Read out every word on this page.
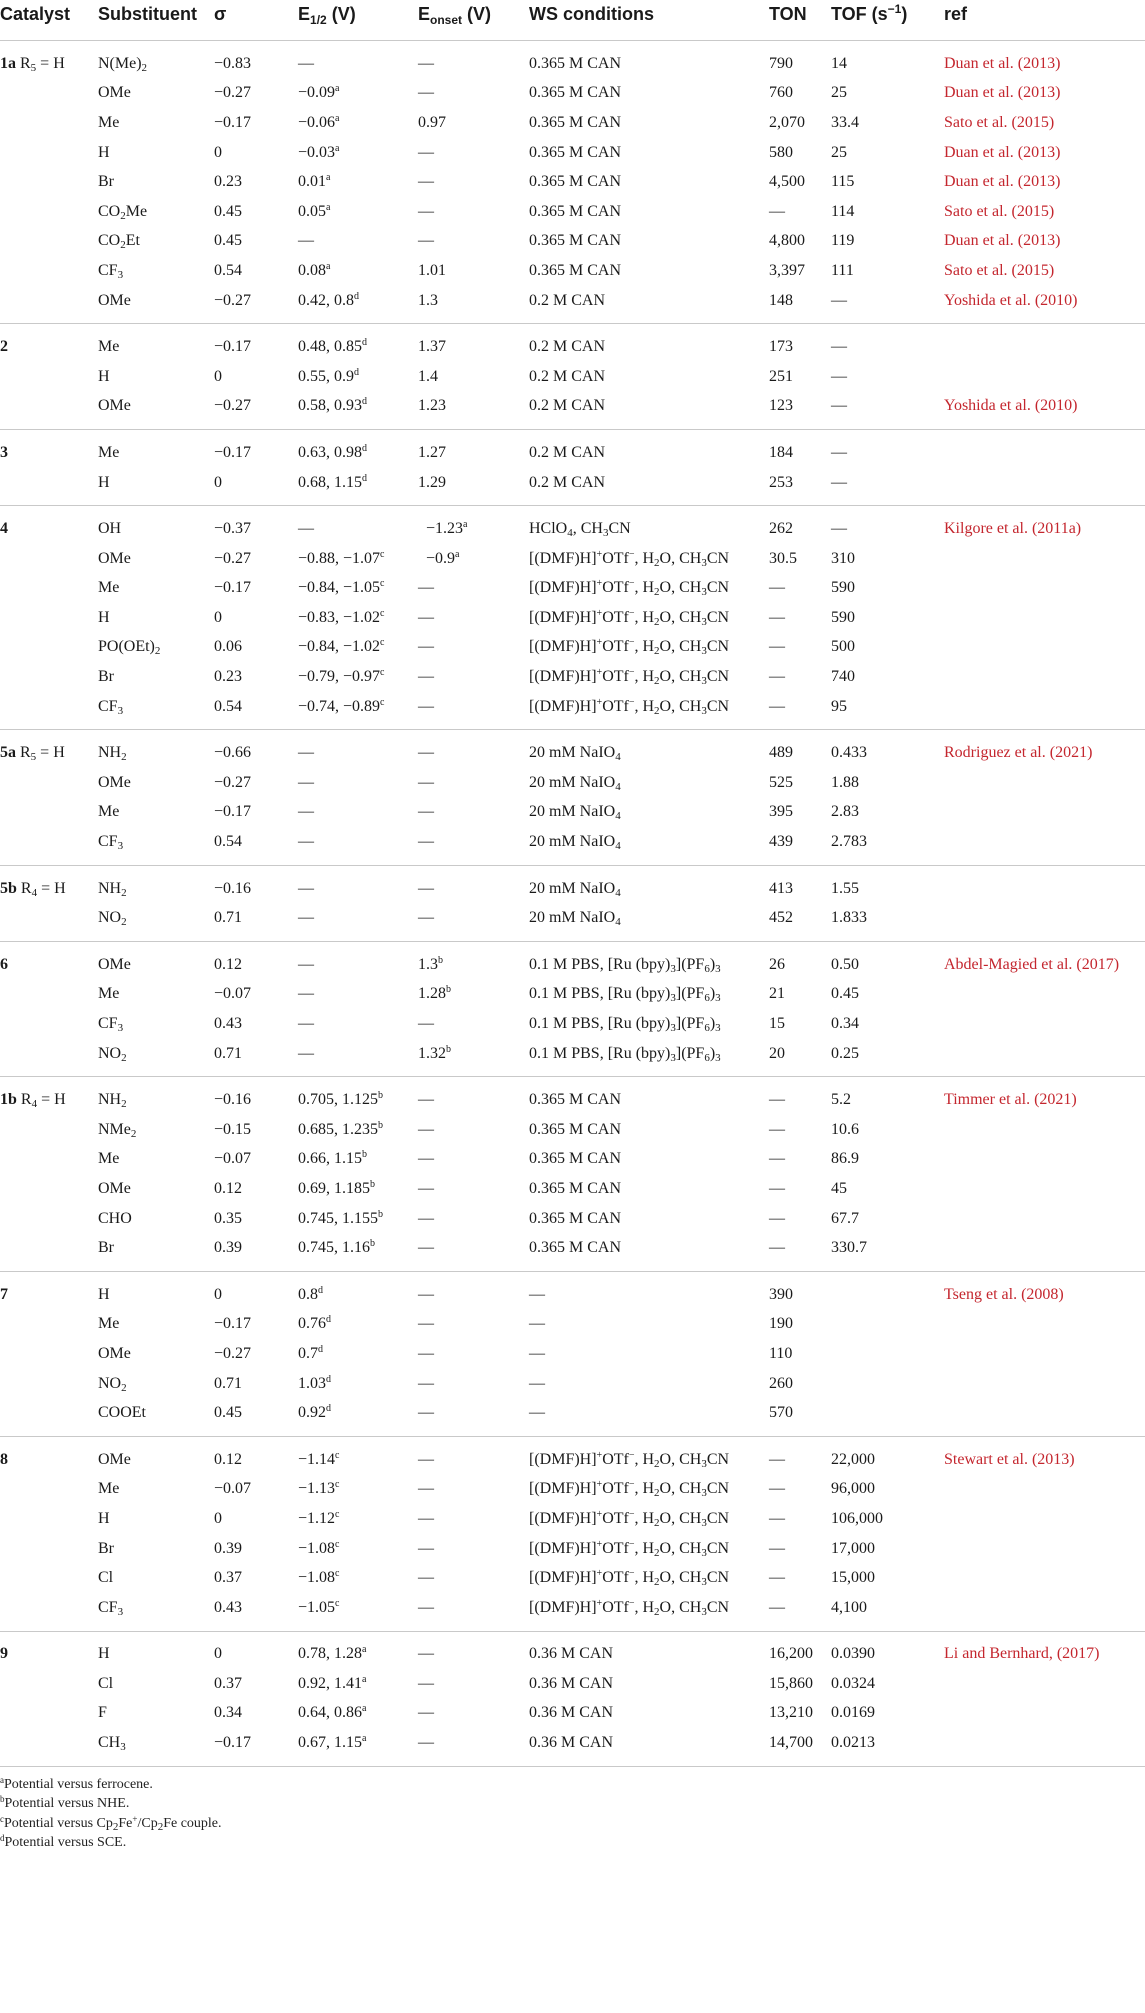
Catalyst	Substituent	σ	$E_{1/2}$ (V)	$E_{onset}$ (V)	WS conditions	TON	TOF $(s^{-1})$	ref
1a $R_5 = H$	$N(Me)_2$	−0.83	—	—	0.365 M CAN	790	14	Duan et al. (2013)
	OMe	−0.27	−0.09$^a$	—	0.365 M CAN	760	25	Duan et al. (2013)
	Me	−0.17	−0.06$^a$	0.97	0.365 M CAN	2,070	33.4	Sato et al. (2015)
	H	0	−0.03$^a$	—	0.365 M CAN	580	25	Duan et al. (2013)
	Br	0.23	0.01$^a$	—	0.365 M CAN	4,500	115	Duan et al. (2013)
	$CO_2Me$	0.45	0.05$^a$	—	0.365 M CAN	—	114	Sato et al. (2015)
	$CO_2Et$	0.45	—	—	0.365 M CAN	4,800	119	Duan et al. (2013)
	$CF_3$	0.54	0.08$^a$	1.01	0.365 M CAN	3,397	111	Sato et al. (2015)
	OMe	−0.27	0.42, 0.8$^d$	1.3	0.2 M CAN	148	—	Yoshida et al. (2010)
2	Me	−0.17	0.48, 0.85$^d$	1.37	0.2 M CAN	173	—	
	H	0	0.55, 0.9$^d$	1.4	0.2 M CAN	251	—	
	OMe	−0.27	0.58, 0.93$^d$	1.23	0.2 M CAN	123	—	Yoshida et al. (2010)
3	Me	−0.17	0.63, 0.98$^d$	1.27	0.2 M CAN	184	—	
	H	0	0.68, 1.15$^d$	1.29	0.2 M CAN	253	—	
4	OH	−0.37	—	−1.23$^a$	HClO$_4$, $CH_3CN$	262	—	Kilgore et al. (2011a)
	OMe	−0.27	−0.88, −1.07$^c$	−0.9$^a$	[(DMF)H]+OTf−, $H_2O$, $CH_3CN$	30.5	310	
	Me	−0.17	−0.84, −1.05$^c$	—	[(DMF)H]+OTf−, $H_2O$, $CH_3CN$	—	590	
	H	0	−0.83, −1.02$^c$	—	[(DMF)H]+OTf−, $H_2O$, $CH_3CN$	—	590	
	$PO(OEt)_2$	0.06	−0.84, −1.02$^c$	—	[(DMF)H]+OTf−, $H_2O$, $CH_3CN$	—	500	
	Br	0.23	−0.79, −0.97$^c$	—	[(DMF)H]+OTf−, $H_2O$, $CH_3CN$	—	740	
	$CF_3$	0.54	−0.74, −0.89$^c$	—	[(DMF)H]+OTf−, $H_2O$, $CH_3CN$	—	95	
5a $R_5 = H$	$NH_2$	−0.66	—	—	20 mM NaIO$_4$	489	0.433	Rodriguez et al. (2021)
	OMe	−0.27	—	—	20 mM NaIO$_4$	525	1.88	
	Me	−0.17	—	—	20 mM NaIO$_4$	395	2.83	
	$CF_3$	0.54	—	—	20 mM NaIO$_4$	439	2.783	
5b $R_4 = H$	$NH_2$	−0.16	—	—	20 mM NaIO$_4$	413	1.55	
	$NO_2$	0.71	—	—	20 mM NaIO$_4$	452	1.833	
6	OMe	0.12	—	1.3$^b$	0.1 M PBS, [Ru $(bpy)_3](PF_6)_3$	26	0.50	Abdel-Magied et al. (2017)
	Me	−0.07	—	1.28$^b$	0.1 M PBS, [Ru $(bpy)_3](PF_6)_3$	21	0.45	
	$CF_3$	0.43	—	—	0.1 M PBS, [Ru $(bpy)_3](PF_6)_3$	15	0.34	
	$NO_2$	0.71	—	1.32$^b$	0.1 M PBS, [Ru $(bpy)_3](PF_6)_3$	20	0.25	
1b $R_4 = H$	$NH_2$	−0.16	0.705, 1.125$^b$	—	0.365 M CAN	—	5.2	Timmer et al. (2021)
	NMe$_2$	−0.15	0.685, 1.235$^b$	—	0.365 M CAN	—	10.6	
	Me	−0.07	0.66, 1.15$^b$	—	0.365 M CAN	—	86.9	
	OMe	0.12	0.69, 1.185$^b$	—	0.365 M CAN	—	45	
	CHO	0.35	0.745, 1.155$^b$	—	0.365 M CAN	—	67.7	
	Br	0.39	0.745, 1.16$^b$	—	0.365 M CAN	—	330.7	
7	H	0	0.8$^d$	—	—	390		Tseng et al. (2008)
	Me	−0.17	0.76$^d$	—	—	190		
	OMe	−0.27	0.7$^d$	—	—	110		
	$NO_2$	0.71	1.03$^d$	—	—	260		
	COOEt	0.45	0.92$^d$	—	—	570		
8	OMe	0.12	−1.14$^c$	—	[(DMF)H]+OTf−, $H_2O$, $CH_3CN$	—	22,000	Stewart et al. (2013)
	Me	−0.07	−1.13$^c$	—	[(DMF)H]+OTf−, $H_2O$, $CH_3CN$	—	96,000	
	H	0	−1.12$^c$	—	[(DMF)H]+OTf−, $H_2O$, $CH_3CN$	—	106,000	
	Br	0.39	−1.08$^c$	—	[(DMF)H]+OTf−, $H_2O$, $CH_3CN$	—	17,000	
	Cl	0.37	−1.08$^c$	—	[(DMF)H]+OTf−, $H_2O$, $CH_3CN$	—	15,000	
	$CF_3$	0.43	−1.05$^c$	—	[(DMF)H]+OTf−, $H_2O$, $CH_3CN$	—	4,100	
9	H	0	0.78, 1.28$^a$	—	0.36 M CAN	16,200	0.0390	Li and Bernhard, (2017)
	Cl	0.37	0.92, 1.41$^a$	—	0.36 M CAN	15,860	0.0324	
	F	0.34	0.64, 0.86$^a$	—	0.36 M CAN	13,210	0.0169	
	$CH_3$	−0.17	0.67, 1.15$^a$	—	0.36 M CAN	14,700	0.0213	
$^a$Potential versus ferrocene.
$^b$Potential versus NHE.
$^c$Potential versus $Cp_2Fe^+/Cp_2Fe$ couple.
$^d$Potential versus SCE.
